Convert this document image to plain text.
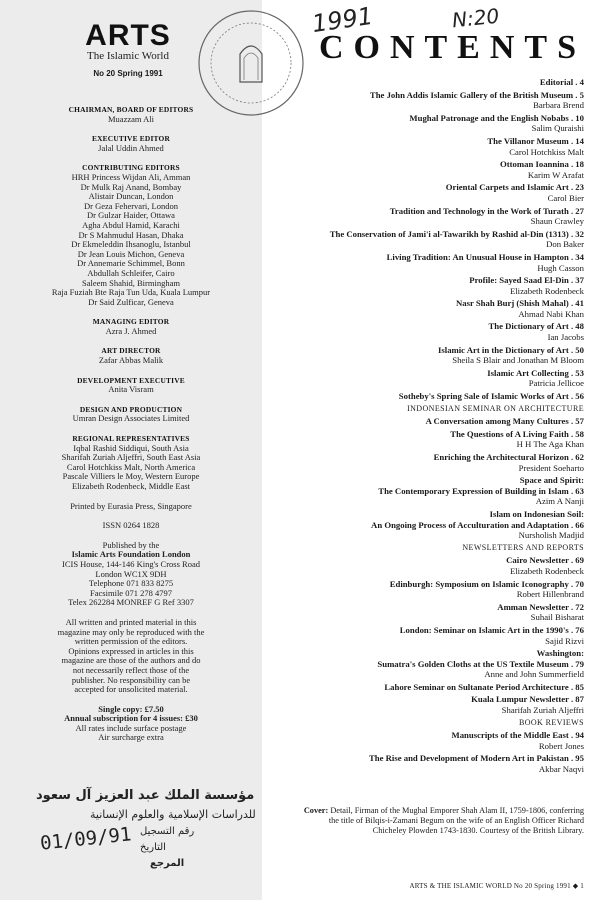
ARTS
The Islamic World
No 20 Spring 1991
CHAIRMAN, BOARD OF EDITORS
Muazzam Ali
EXECUTIVE EDITOR
Jalal Uddin Ahmed
CONTRIBUTING EDITORS
HRH Princess Wijdan Ali, Amman
Dr Mulk Raj Anand, Bombay
Alistair Duncan, London
Dr Geza Fehervari, London
Dr Gulzar Haider, Ottawa
Agha Abdul Hamid, Karachi
Dr S Mahmudul Hasan, Dhaka
Dr Ekmeleddin Ihsanoglu, Istanbul
Dr Jean Louis Michon, Geneva
Dr Annemarie Schimmel, Bonn
Abdullah Schleifer, Cairo
Saleem Shahid, Birmingham
Raja Fuziah Bte Raja Tun Uda, Kuala Lumpur
Dr Said Zulficar, Geneva
MANAGING EDITOR
Azra J. Ahmed
ART DIRECTOR
Zafar Abbas Malik
DEVELOPMENT EXECUTIVE
Anita Visram
DESIGN AND PRODUCTION
Umran Design Associates Limited
REGIONAL REPRESENTATIVES
Iqbal Rashid Siddiqui, South Asia
Sharifah Zuriah Aljeffri, South East Asia
Carol Hotchkiss Malt, North America
Pascale Villiers le Moy, Western Europe
Elizabeth Rodenbeck, Middle East
Printed by Eurasia Press, Singapore
ISSN 0264 1828
Published by the
Islamic Arts Foundation London
ICIS House, 144-146 King's Cross Road
London WC1X 9DH
Telephone 071 833 8275
Facsimile 071 278 4797
Telex 262284 MONREF G Ref 3307
All written and printed material in this
magazine may only be reproduced with the
written permission of the editors.
Opinions expressed in articles in this
magazine are those of the authors and do
not necessarily reflect those of the
publisher. No responsibility can be
accepted for unsolicited material.
Single copy: £7.50
Annual subscription for 4 issues: £30
All rates include surface postage
Air surcharge extra
مؤسسة الملك عبد العزيز آل سعود
للدراسات الإسلامية والعلوم الإنسانية
رقم التسجيل
التاريخ
المرجع
01/09/91
1991	N:20
CONTENTS
Editorial . 4
The John Addis Islamic Gallery of the British Museum . 5
Barbara Brend
Mughal Patronage and the English Nobabs . 10
Salim Quraishi
The Villanor Museum . 14
Carol Hotchkiss Malt
Ottoman Ioannina . 18
Karim W Arafat
Oriental Carpets and Islamic Art . 23
Carol Bier
Tradition and Technology in the Work of Turath . 27
Shaun Crawley
The Conservation of Jami'i al-Tawarikh by Rashid al-Din (1313) . 32
Don Baker
Living Tradition: An Unusual House in Hampton . 34
Hugh Casson
Profile: Sayed Saad El-Din . 37
Elizabeth Rodenbeck
Nasr Shah Burj (Shish Mahal) . 41
Ahmad Nabi Khan
The Dictionary of Art . 48
Ian Jacobs
Islamic Art in the Dictionary of Art . 50
Sheila S Blair and Jonathan M Bloom
Islamic Art Collecting . 53
Patricia Jellicoe
Sotheby's Spring Sale of Islamic Works of Art . 56
INDONESIAN SEMINAR ON ARCHITECTURE
A Conversation among Many Cultures . 57
The Questions of A Living Faith . 58
H H The Aga Khan
Enriching the Architectural Horizon . 62
President Soeharto
Space and Spirit:
The Contemporary Expression of Building in Islam . 63
Azim A Nanji
Islam on Indonesian Soil:
An Ongoing Process of Acculturation and Adaptation . 66
Nursholish Madjid
NEWSLETTERS AND REPORTS
Cairo Newsletter . 69
Elizabeth Rodenbeck
Edinburgh: Symposium on Islamic Iconography . 70
Robert Hillenbrand
Amman Newsletter . 72
Suhail Bisharat
London: Seminar on Islamic Art in the 1990's . 76
Sajid Rizvi
Washington:
Sumatra's Golden Cloths at the US Textile Museum . 79
Anne and John Summerfield
Lahore Seminar on Sultanate Period Architecture . 85
Kuala Lumpur Newsletter . 87
Sharifah Zuriah Aljeffri
BOOK REVIEWS
Manuscripts of the Middle East . 94
Robert Jones
The Rise and Development of Modern Art in Pakistan . 95
Akbar Naqvi
Cover: Detail, Firman of the Mughal Emporer Shah Alam II, 1759-1806, conferring
the title of Bilqis-i-Zamani Begum on the wife of an English Officer Richard
Chicheley Plowden 1743-1830. Courtesy of the British Library.
ARTS & THE ISLAMIC WORLD No 20 Spring 1991 ◆ 1
